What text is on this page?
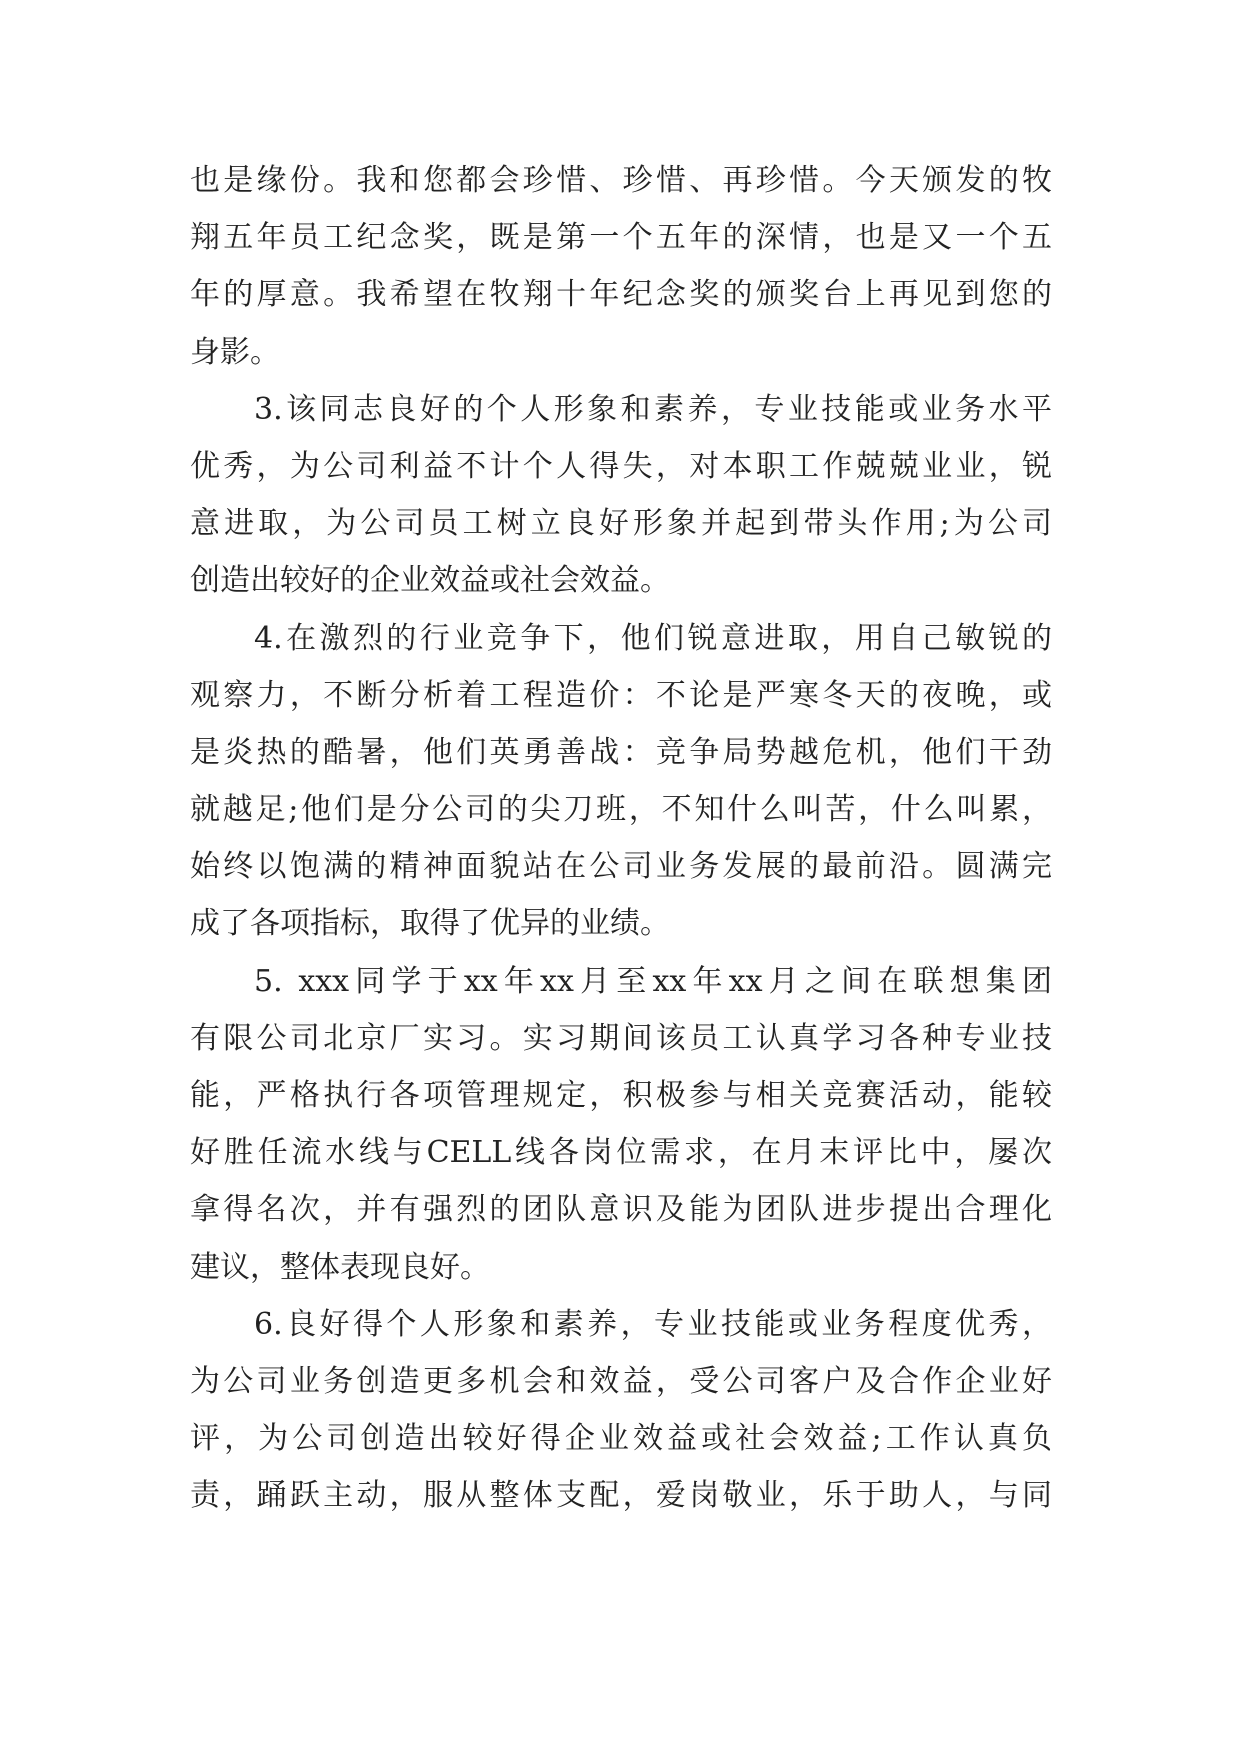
也是缘份。我和您都会珍惜、珍惜、再珍惜。今天颁发的牧
翔五年员工纪念奖，既是第一个五年的深情，也是又一个五
年的厚意。我希望在牧翔十年纪念奖的颁奖台上再见到您的
身影。
3.该同志良好的个人形象和素养，专业技能或业务水平
优秀，为公司利益不计个人得失，对本职工作兢兢业业，锐
意进取，为公司员工树立良好形象并起到带头作用;为公司
创造出较好的企业效益或社会效益。
4.在激烈的行业竞争下，他们锐意进取，用自己敏锐的
观察力，不断分析着工程造价：不论是严寒冬天的夜晚，或
是炎热的酷暑，他们英勇善战：竞争局势越危机，他们干劲
就越足;他们是分公司的尖刀班，不知什么叫苦，什么叫累，
始终以饱满的精神面貌站在公司业务发展的最前沿。圆满完
成了各项指标，取得了优异的业绩。
5. xxx同学于xx年xx月至xx年xx月之间在联想集团
有限公司北京厂实习。实习期间该员工认真学习各种专业技
能，严格执行各项管理规定，积极参与相关竞赛活动，能较
好胜任流水线与CELL线各岗位需求，在月末评比中，屡次
拿得名次，并有强烈的团队意识及能为团队进步提出合理化
建议，整体表现良好。
6.良好得个人形象和素养，专业技能或业务程度优秀，
为公司业务创造更多机会和效益，受公司客户及合作企业好
评，为公司创造出较好得企业效益或社会效益;工作认真负
责，踊跃主动，服从整体支配，爱岗敬业，乐于助人，与同
